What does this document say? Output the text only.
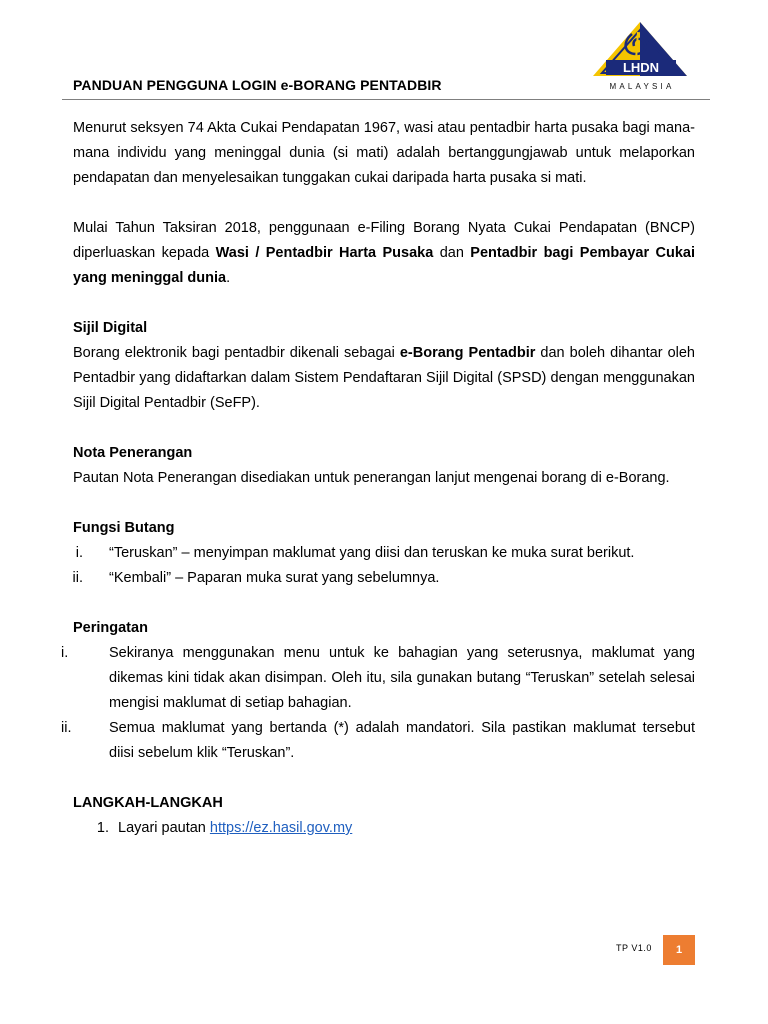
PANDUAN PENGGUNA LOGIN e-BORANG PENTADBIR
LHDN
MALAYSIA

Menurut seksyen 74 Akta Cukai Pendapatan 1967, wasi atau pentadbir harta pusaka bagi mana-mana individu yang meninggal dunia (si mati) adalah bertanggungjawab untuk melaporkan pendapatan dan menyelesaikan tunggakan cukai daripada harta pusaka si mati.

Mulai Tahun Taksiran 2018, penggunaan e-Filing Borang Nyata Cukai Pendapatan (BNCP) diperluaskan kepada Wasi / Pentadbir Harta Pusaka dan Pentadbir bagi Pembayar Cukai yang meninggal dunia.

Sijil Digital

Borang elektronik bagi pentadbir dikenali sebagai e-Borang Pentadbir dan boleh dihantar oleh Pentadbir yang didaftarkan dalam Sistem Pendaftaran Sijil Digital (SPSD) dengan menggunakan Sijil Digital Pentadbir (SeFP).

Nota Penerangan

Pautan Nota Penerangan disediakan untuk penerangan lanjut mengenai borang di e-Borang.

Fungsi Butang

i. “Teruskan” – menyimpan maklumat yang diisi dan teruskan ke muka surat berikut.
ii. “Kembali” – Paparan muka surat yang sebelumnya.

Peringatan

i.	Sekiranya menggunakan menu untuk ke bahagian yang seterusnya, maklumat yang dikemas kini tidak akan disimpan. Oleh itu, sila gunakan butang “Teruskan” setelah selesai mengisi maklumat di setiap bahagian.
ii.	Semua maklumat yang bertanda (*) adalah mandatori. Sila pastikan maklumat tersebut diisi sebelum klik “Teruskan”.

LANGKAH-LANGKAH

1. Layari pautan https://ez.hasil.gov.my
TP V1.0	1
